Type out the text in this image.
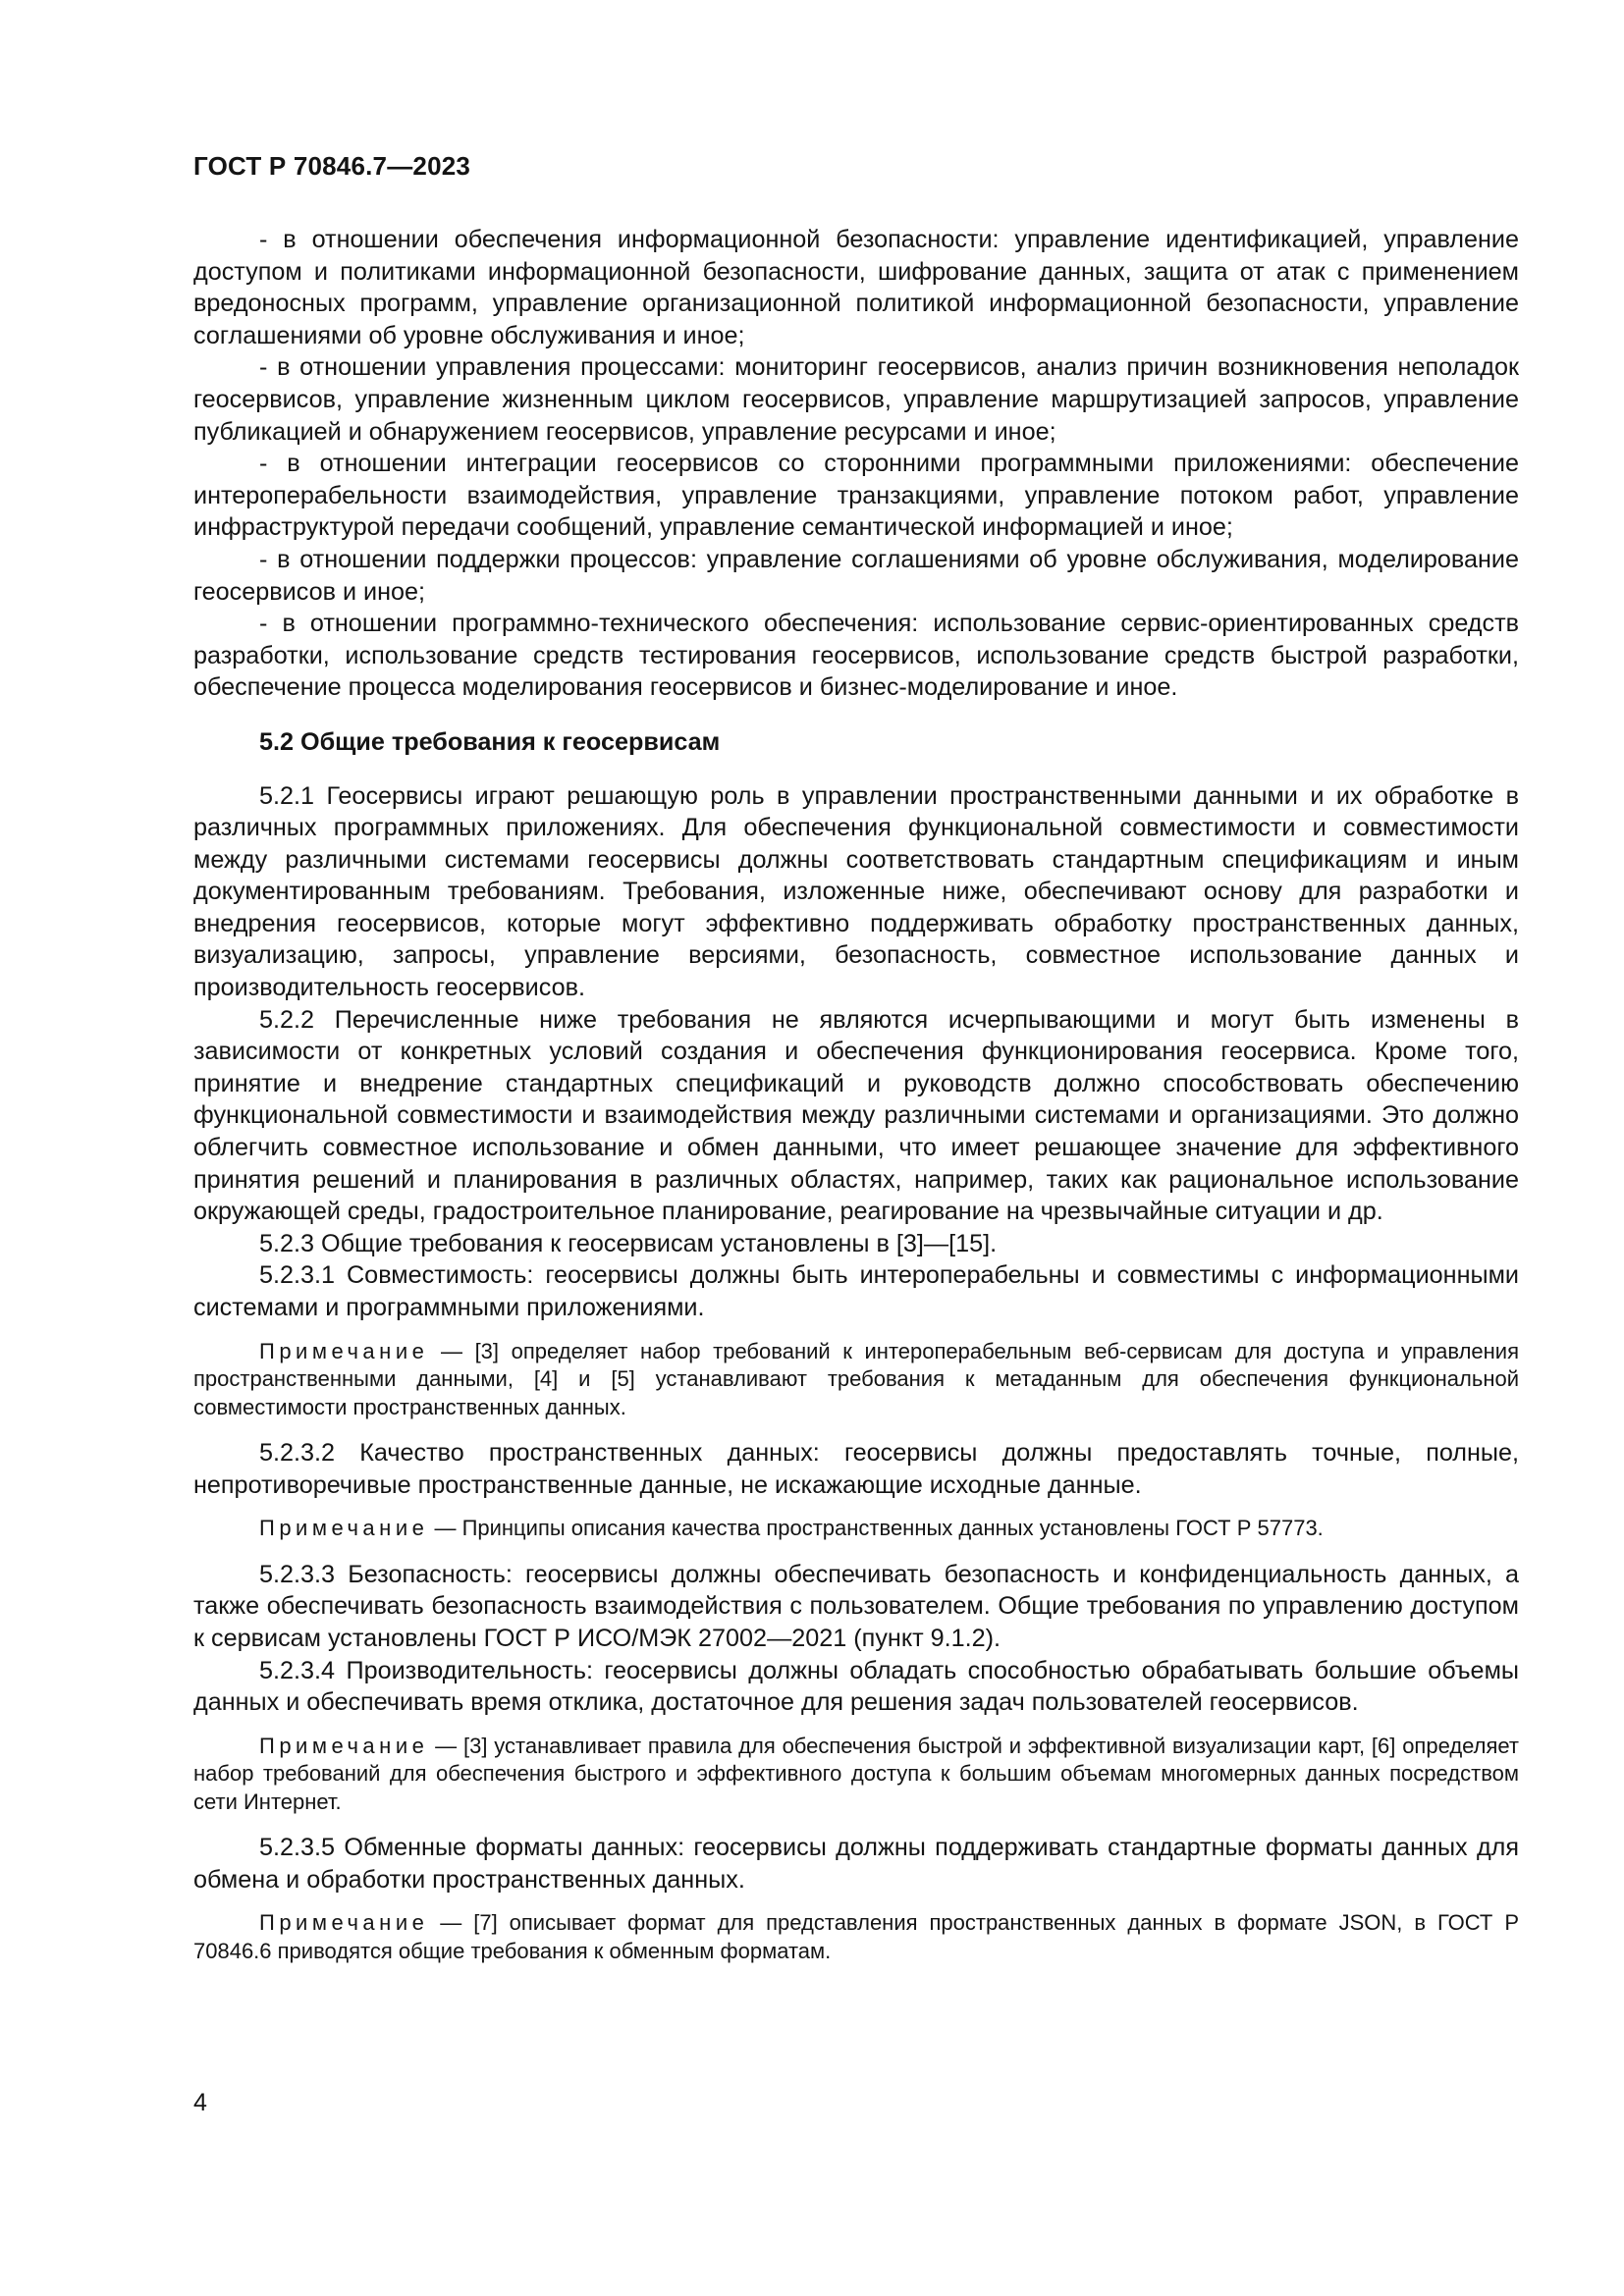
ГОСТ Р 70846.7—2023

- в отношении обеспечения информационной безопасности: управление идентификацией, управление доступом и политиками информационной безопасности, шифрование данных, защита от атак с применением вредоносных программ, управление организационной политикой информационной безопасности, управление соглашениями об уровне обслуживания и иное;

- в отношении управления процессами: мониторинг геосервисов, анализ причин возникновения неполадок геосервисов, управление жизненным циклом геосервисов, управление маршрутизацией запросов, управление публикацией и обнаружением геосервисов, управление ресурсами и иное;

- в отношении интеграции геосервисов со сторонними программными приложениями: обеспечение интероперабельности взаимодействия, управление транзакциями, управление потоком работ, управление инфраструктурой передачи сообщений, управление семантической информацией и иное;

- в отношении поддержки процессов: управление соглашениями об уровне обслуживания, моделирование геосервисов и иное;

- в отношении программно-технического обеспечения: использование сервис-ориентированных средств разработки, использование средств тестирования геосервисов, использование средств быстрой разработки, обеспечение процесса моделирования геосервисов и бизнес-моделирование и иное.

5.2 Общие требования к геосервисам

5.2.1 Геосервисы играют решающую роль в управлении пространственными данными и их обработке в различных программных приложениях. Для обеспечения функциональной совместимости и совместимости между различными системами геосервисы должны соответствовать стандартным спецификациям и иным документированным требованиям. Требования, изложенные ниже, обеспечивают основу для разработки и внедрения геосервисов, которые могут эффективно поддерживать обработку пространственных данных, визуализацию, запросы, управление версиями, безопасность, совместное использование данных и производительность геосервисов.

5.2.2 Перечисленные ниже требования не являются исчерпывающими и могут быть изменены в зависимости от конкретных условий создания и обеспечения функционирования геосервиса. Кроме того, принятие и внедрение стандартных спецификаций и руководств должно способствовать обеспечению функциональной совместимости и взаимодействия между различными системами и организациями. Это должно облегчить совместное использование и обмен данными, что имеет решающее значение для эффективного принятия решений и планирования в различных областях, например, таких как рациональное использование окружающей среды, градостроительное планирование, реагирование на чрезвычайные ситуации и др.

5.2.3 Общие требования к геосервисам установлены в [3]—[15].

5.2.3.1 Совместимость: геосервисы должны быть интероперабельны и совместимы с информационными системами и программными приложениями.

Примечание — [3] определяет набор требований к интероперабельным веб-сервисам для доступа и управления пространственными данными, [4] и [5] устанавливают требования к метаданным для обеспечения функциональной совместимости пространственных данных.

5.2.3.2 Качество пространственных данных: геосервисы должны предоставлять точные, полные, непротиворечивые пространственные данные, не искажающие исходные данные.

Примечание — Принципы описания качества пространственных данных установлены ГОСТ Р 57773.

5.2.3.3 Безопасность: геосервисы должны обеспечивать безопасность и конфиденциальность данных, а также обеспечивать безопасность взаимодействия с пользователем. Общие требования по управлению доступом к сервисам установлены ГОСТ Р ИСО/МЭК 27002—2021 (пункт 9.1.2).

5.2.3.4 Производительность: геосервисы должны обладать способностью обрабатывать большие объемы данных и обеспечивать время отклика, достаточное для решения задач пользователей геосервисов.

Примечание — [3] устанавливает правила для обеспечения быстрой и эффективной визуализации карт, [6] определяет набор требований для обеспечения быстрого и эффективного доступа к большим объемам многомерных данных посредством сети Интернет.

5.2.3.5 Обменные форматы данных: геосервисы должны поддерживать стандартные форматы данных для обмена и обработки пространственных данных.

Примечание — [7] описывает формат для представления пространственных данных в формате JSON, в ГОСТ Р 70846.6 приводятся общие требования к обменным форматам.

4
